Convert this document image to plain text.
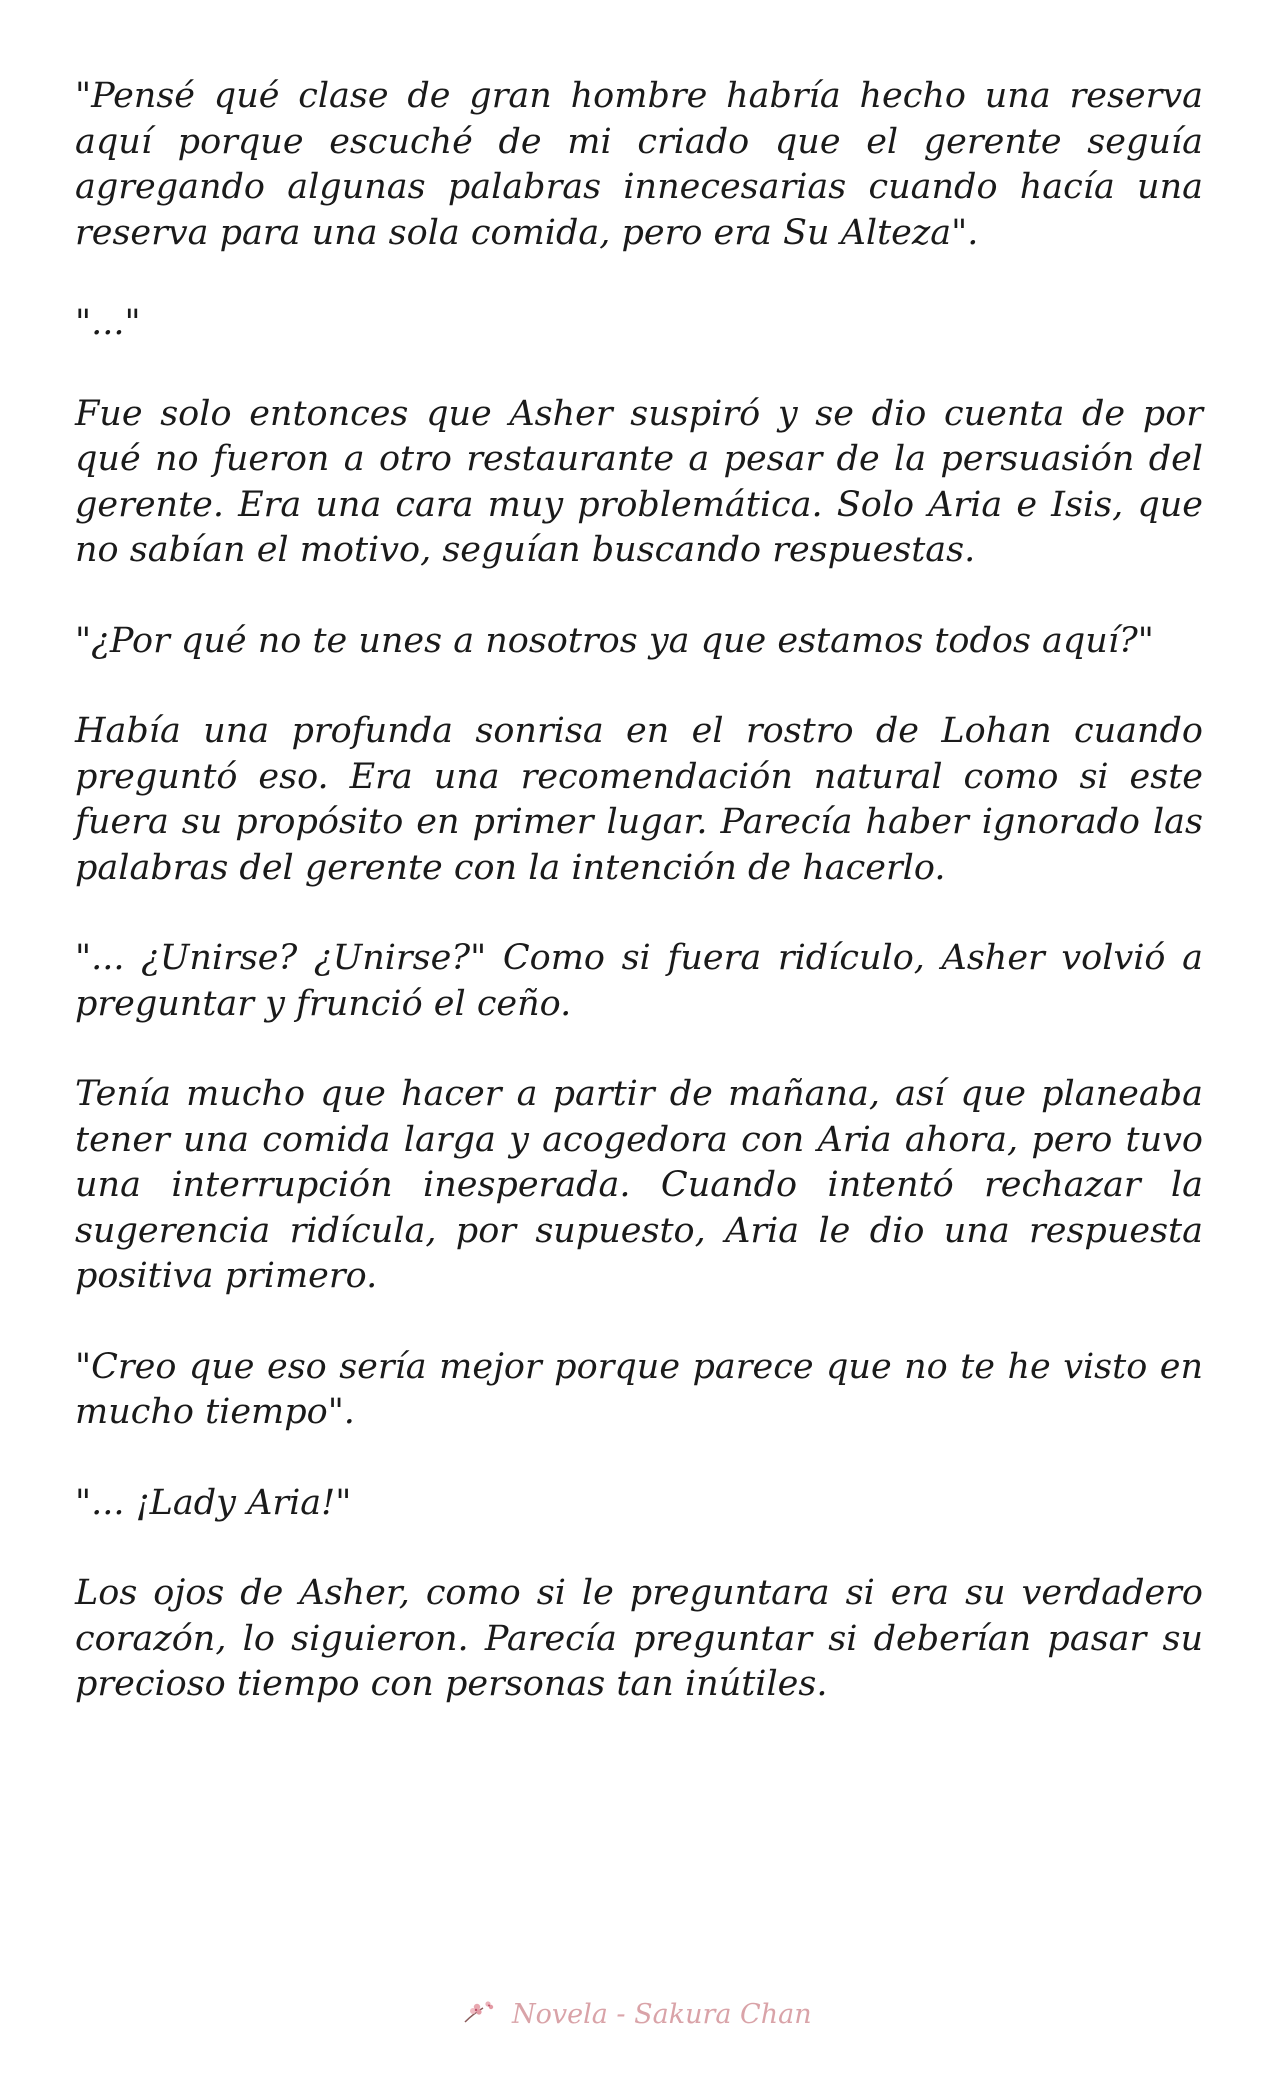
"Pensé qué clase de gran hombre habría hecho una reserva aquí porque escuché de mi criado que el gerente seguía agregando algunas palabras innecesarias cuando hacía una reserva para una sola comida, pero era Su Alteza".

"..."

Fue solo entonces que Asher suspiró y se dio cuenta de por qué no fueron a otro restaurante a pesar de la persuasión del gerente. Era una cara muy problemática. Solo Aria e Isis, que no sabían el motivo, seguían buscando respuestas.

"¿Por qué no te unes a nosotros ya que estamos todos aquí?"

Había una profunda sonrisa en el rostro de Lohan cuando preguntó eso. Era una recomendación natural como si este fuera su propósito en primer lugar. Parecía haber ignorado las palabras del gerente con la intención de hacerlo.

"... ¿Unirse? ¿Unirse?" Como si fuera ridículo, Asher volvió a preguntar y frunció el ceño.

Tenía mucho que hacer a partir de mañana, así que planeaba tener una comida larga y acogedora con Aria ahora, pero tuvo una interrupción inesperada. Cuando intentó rechazar la sugerencia ridícula, por supuesto, Aria le dio una respuesta positiva primero.

"Creo que eso sería mejor porque parece que no te he visto en mucho tiempo".

"... ¡Lady Aria!"

Los ojos de Asher, como si le preguntara si era su verdadero corazón, lo siguieron. Parecía preguntar si deberían pasar su precioso tiempo con personas tan inútiles.

Novela - Sakura Chan
